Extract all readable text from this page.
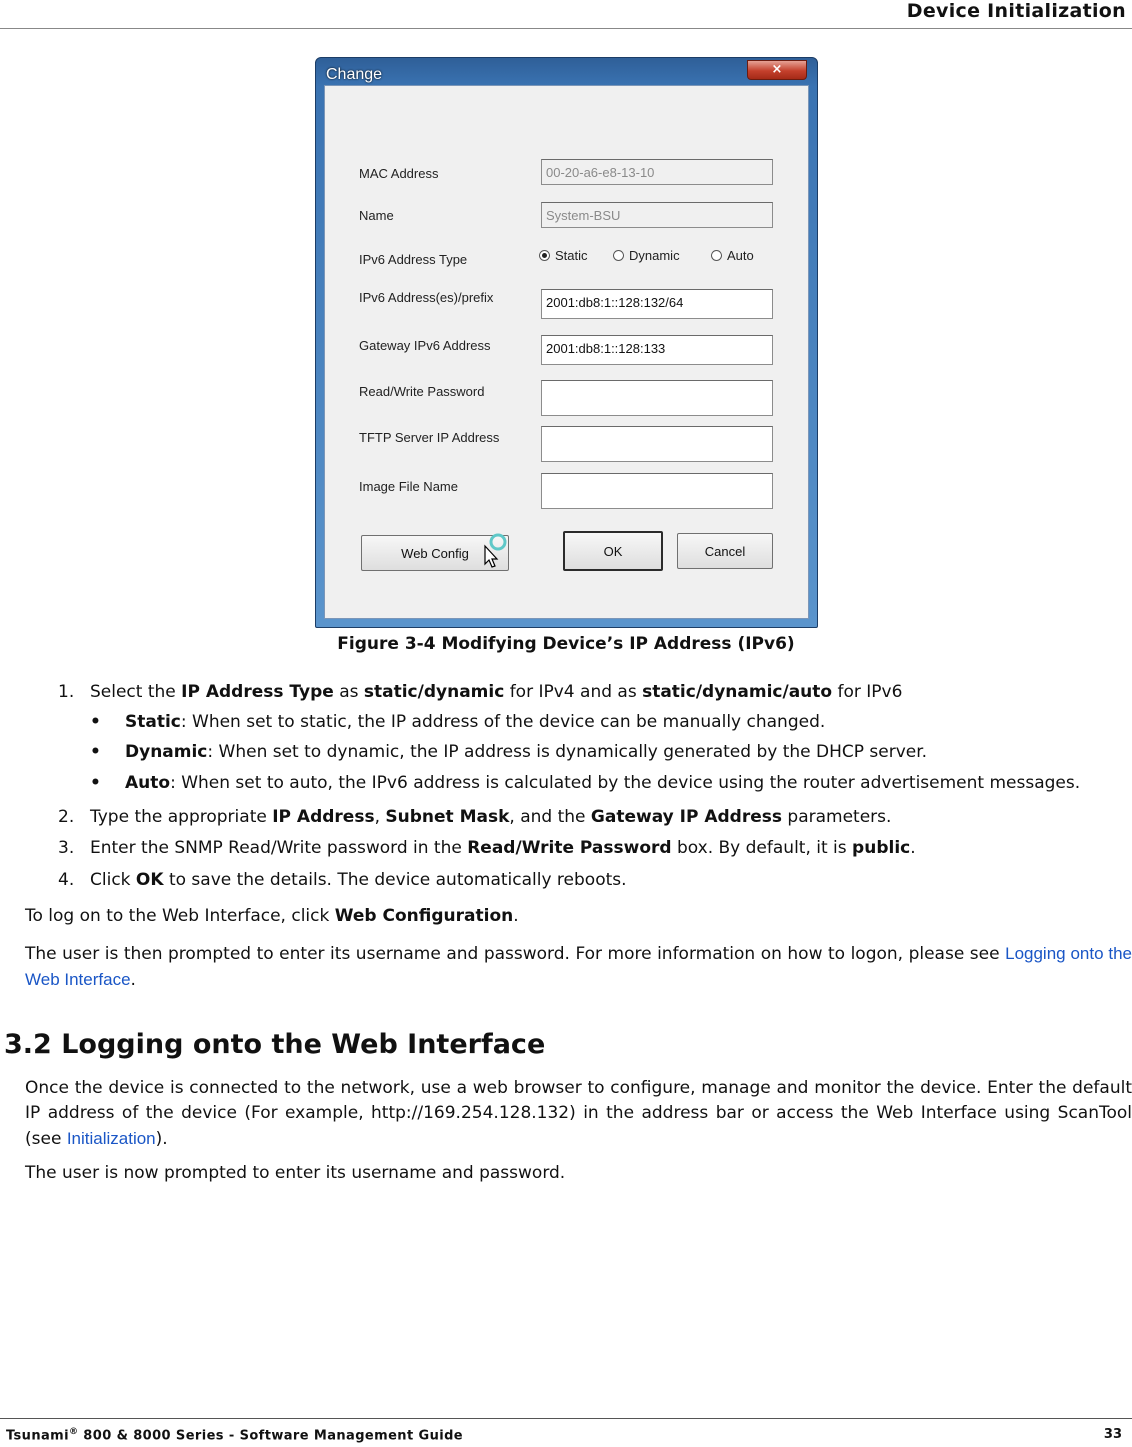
Device Initialization
Change	×
MAC Address	00-20-a6-e8-13-10
Name	System-BSU
IPv6 Address Type	Static	Dynamic	Auto
IPv6 Address(es)/prefix	2001:db8:1::128:132/64
Gateway IPv6 Address	2001:db8:1::128:133
Read/Write Password
TFTP Server IP Address
Image File Name
Web Config	OK	Cancel
Figure 3-4 Modifying Device’s IP Address (IPv6)
1. Select the IP Address Type as static/dynamic for IPv4 and as static/dynamic/auto for IPv6
• Static: When set to static, the IP address of the device can be manually changed.
• Dynamic: When set to dynamic, the IP address is dynamically generated by the DHCP server.
• Auto: When set to auto, the IPv6 address is calculated by the device using the router advertisement messages.
2. Type the appropriate IP Address, Subnet Mask, and the Gateway IP Address parameters.
3. Enter the SNMP Read/Write password in the Read/Write Password box. By default, it is public.
4. Click OK to save the details. The device automatically reboots.
To log on to the Web Interface, click Web Configuration.
The user is then prompted to enter its username and password. For more information on how to logon, please see Logging onto the Web Interface.
3.2 Logging onto the Web Interface
Once the device is connected to the network, use a web browser to configure, manage and monitor the device. Enter the default IP address of the device (For example, http://169.254.128.132) in the address bar or access the Web Interface using ScanTool (see Initialization).
The user is now prompted to enter its username and password.
Tsunami® 800 & 8000 Series - Software Management Guide	33
